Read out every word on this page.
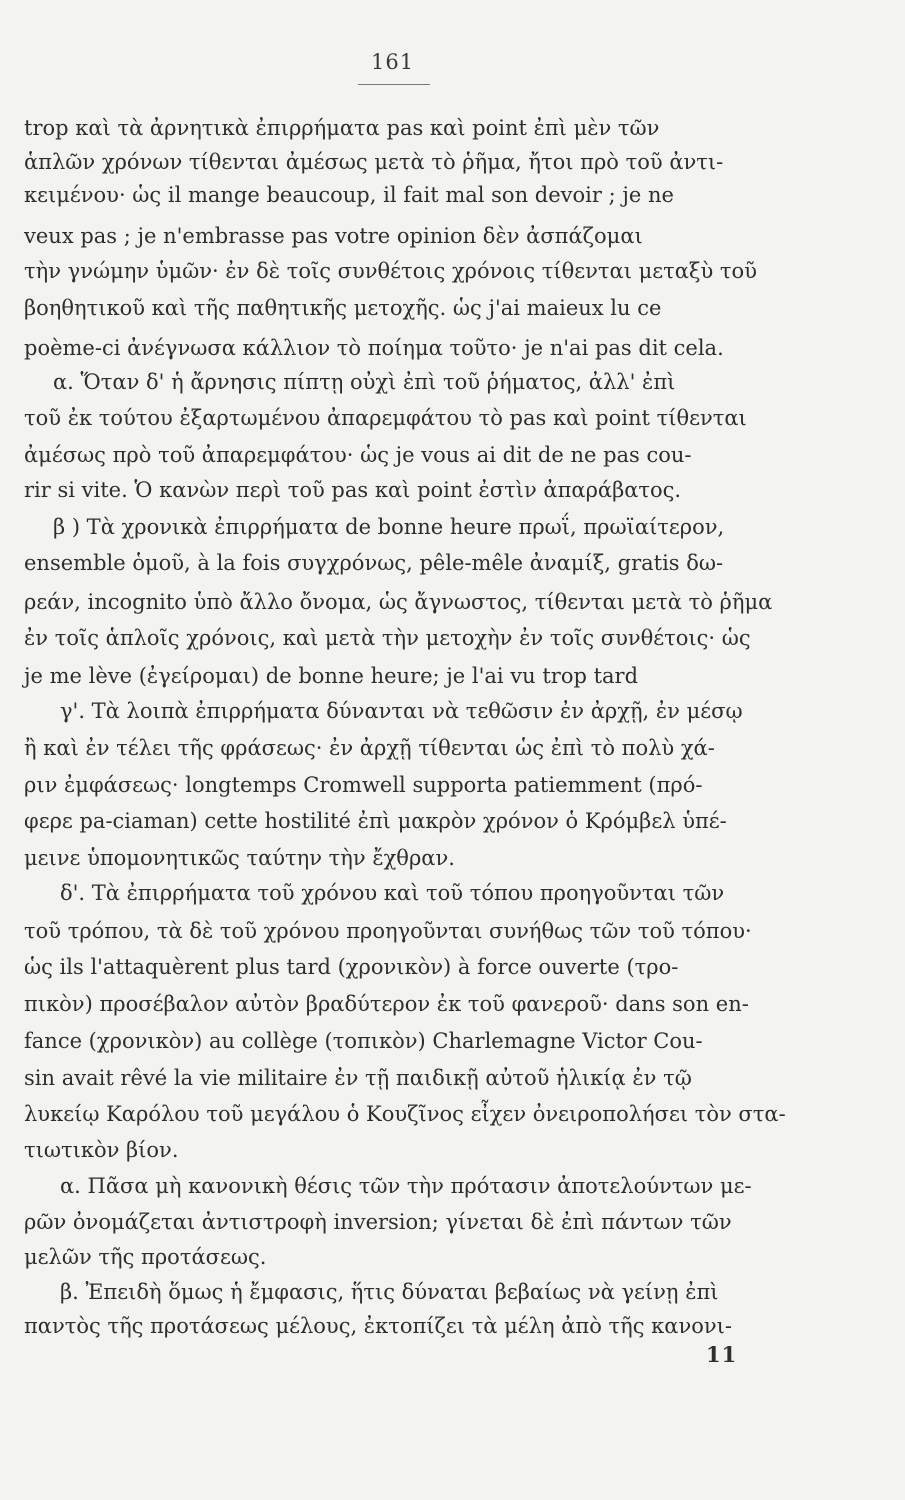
161
trop καὶ τὰ ἀρνητικὰ ἐπιρρήματα pas καὶ point ἐπὶ μὲν τῶν
ἁπλῶν χρόνων τίθενται ἀμέσως μετὰ τὸ ῥῆμα, ἤτοι πρὸ τοῦ ἀντι-
κειμένου· ὡς il mange beaucoup, il fait mal son devoir ; je ne
veux pas ; je n'embrasse pas votre opinion δὲν ἀσπάζομαι
τὴν γνώμην ὑμῶν· ἐν δὲ τοῖς συνθέτοις χρόνοις τίθενται μεταξὺ τοῦ
βοηθητικοῦ καὶ τῆς παθητικῆς μετοχῆς. ὡς j'ai maieux lu ce
poème-ci ἀνέγνωσα κάλλιον τὸ ποίημα τοῦτο· je n'ai pas dit cela.
α. Ὅταν δ' ἡ ἄρνησις πίπτῃ οὐχὶ ἐπὶ τοῦ ῥήματος, ἀλλ' ἐπὶ
τοῦ ἐκ τούτου ἐξαρτωμένου ἀπαρεμφάτου τὸ pas καὶ point τίθενται
ἀμέσως πρὸ τοῦ ἀπαρεμφάτου· ὡς je vous ai dit de ne pas cou-
rir si vite. Ὁ κανὼν περὶ τοῦ pas καὶ point ἐστὶν ἀπαράβατος.
β ) Τὰ χρονικὰ ἐπιρρήματα de bonne heure πρωΐ, πρωϊαίτερον,
ensemble ὁμοῦ, à la fois συγχρόνως, pêle-mêle ἀναμίξ, gratis δω-
ρεάν, incognito ὑπὸ ἄλλο ὄνομα, ὡς ἄγνωστος, τίθενται μετὰ τὸ ῥῆμα
ἐν τοῖς ἁπλοῖς χρόνοις, καὶ μετὰ τὴν μετοχὴν ἐν τοῖς συνθέτοις· ὡς
je me lève (ἐγείρομαι) de bonne heure; je l'ai vu trop tard
γ'. Τὰ λοιπὰ ἐπιρρήματα δύνανται νὰ τεθῶσιν ἐν ἀρχῇ, ἐν μέσῳ
ἢ καὶ ἐν τέλει τῆς φράσεως· ἐν ἀρχῇ τίθενται ὡς ἐπὶ τὸ πολὺ χά-
ριν ἐμφάσεως· longtemps Cromwell supporta patiemment (πρό-
φερε pa-ciaman) cette hostilité ἐπὶ μακρὸν χρόνον ὁ Κρόμβελ ὑπέ-
μεινε ὑπομονητικῶς ταύτην τὴν ἔχθραν.
δ'. Τὰ ἐπιρρήματα τοῦ χρόνου καὶ τοῦ τόπου προηγοῦνται τῶν
τοῦ τρόπου, τὰ δὲ τοῦ χρόνου προηγοῦνται συνήθως τῶν τοῦ τόπου·
ὡς ils l'attaquèrent plus tard (χρονικὸν) à force ouverte (τρο-
πικὸν) προσέβαλον αὐτὸν βραδύτερον ἐκ τοῦ φανεροῦ· dans son en-
fance (χρονικὸν) au collège (τοπικὸν) Charlemagne Victor Cou-
sin avait rêvé la vie militaire ἐν τῇ παιδικῇ αὐτοῦ ἡλικίᾳ ἐν τῷ
λυκείῳ Καρόλου τοῦ μεγάλου ὁ Κουζῖνος εἶχεν ὀνειροπολήσει τὸν στα-
τιωτικὸν βίον.
α. Πᾶσα μὴ κανονικὴ θέσις τῶν τὴν πρότασιν ἀποτελούντων με-
ρῶν ὀνομάζεται ἀντιστροφὴ inversion; γίνεται δὲ ἐπὶ πάντων τῶν
μελῶν τῆς προτάσεως.
β. Ἐπειδὴ ὅμως ἡ ἔμφασις, ἥτις δύναται βεβαίως νὰ γείνῃ ἐπὶ
παντὸς τῆς προτάσεως μέλους, ἐκτοπίζει τὰ μέλη ἀπὸ τῆς κανονι-
11
